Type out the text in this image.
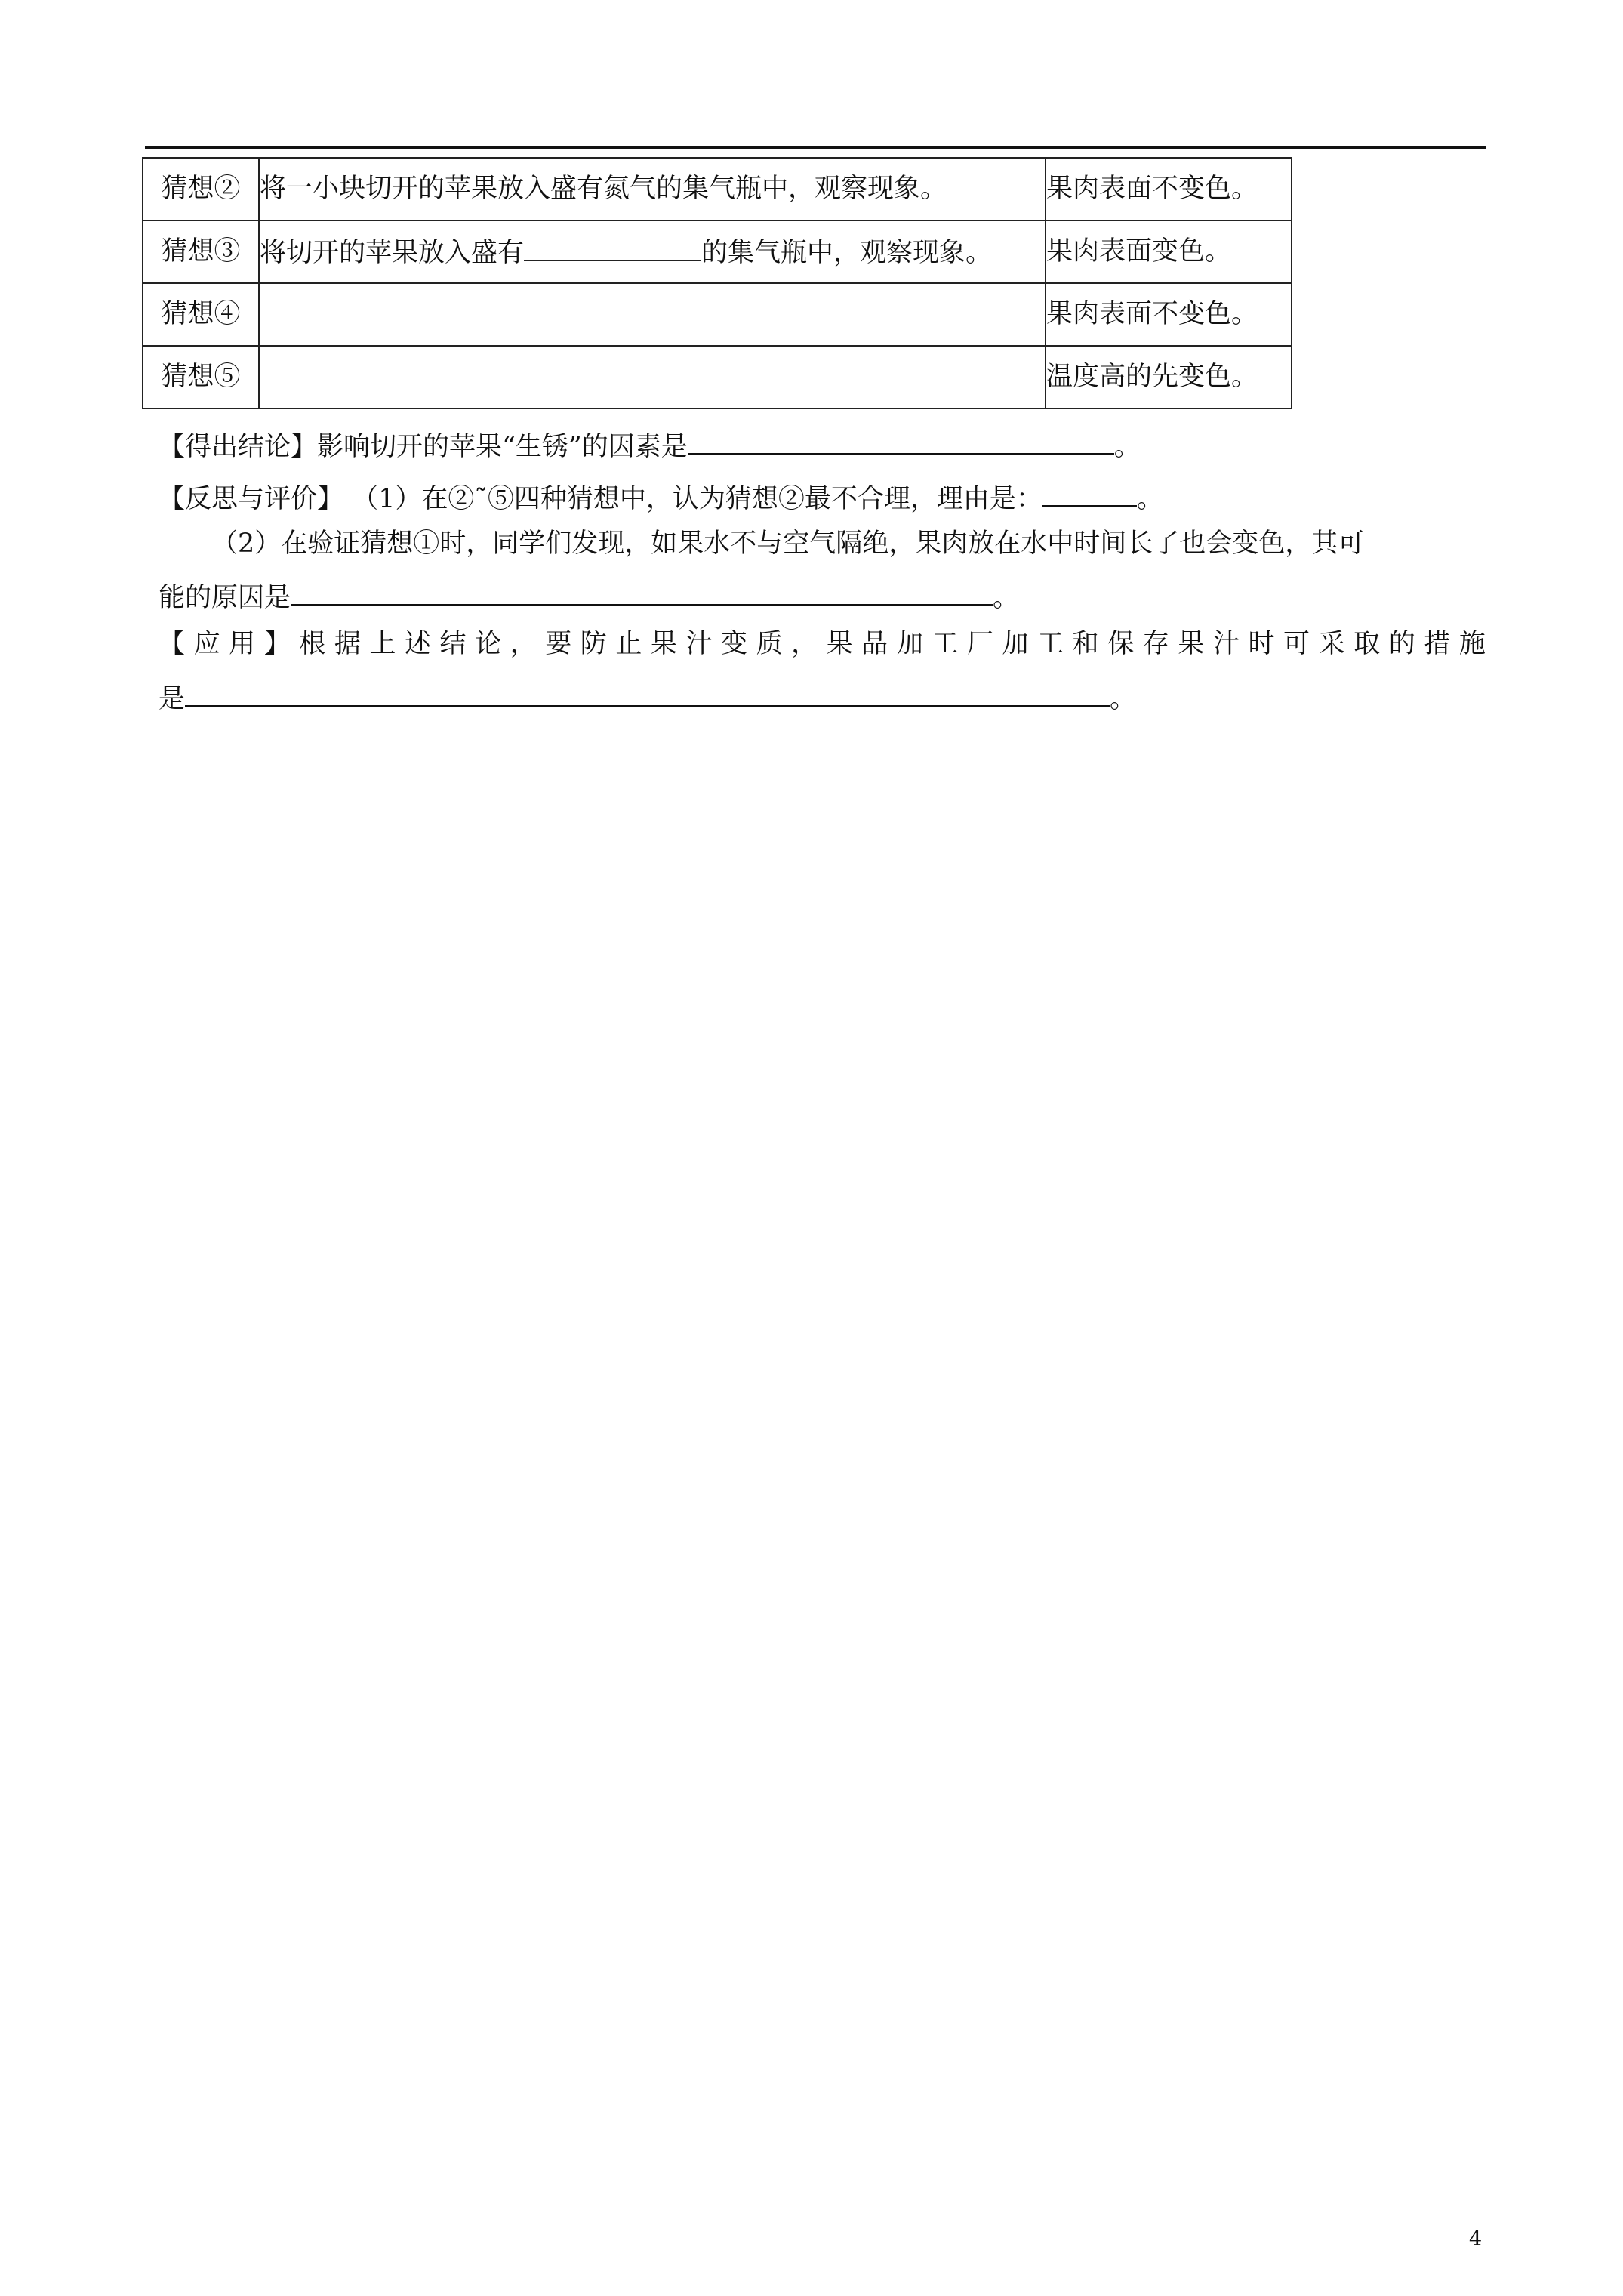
猜想②	将一小块切开的苹果放入盛有氮气的集气瓶中，观察现象。	果肉表面不变色。
猜想③	将切开的苹果放入盛有 的集气瓶中，观察现象。	果肉表面变色。
猜想④		果肉表面不变色。
猜想⑤		温度高的先变色。
【得出结论】影响切开的苹果“生锈”的因素是	。
【反思与评价】 （1）在②˜⑤四种猜想中，认为猜想②最不合理，理由是：	。
（2）在验证猜想①时，同学们发现，如果水不与空气隔绝，果肉放在水中时间长了也会变色，其可
能的原因是	。
【 应 用 】 根 据 上 述 结 论 ， 要 防 止 果 汁 变 质 ， 果 品 加 工 厂 加 工 和 保 存 果 汁 时 可 采 取 的 措 施
是	。
4
